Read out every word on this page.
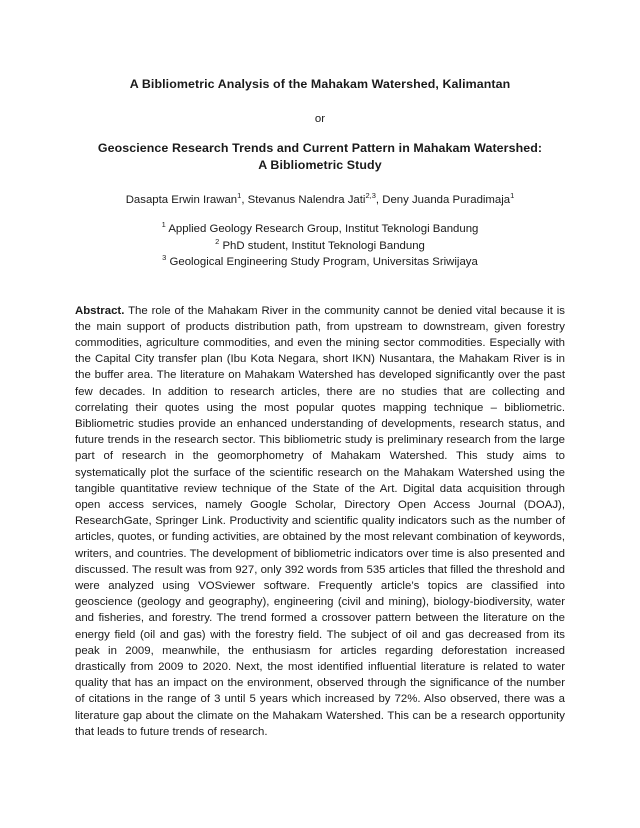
A Bibliometric Analysis of the Mahakam Watershed, Kalimantan
or
Geoscience Research Trends and Current Pattern in Mahakam Watershed:
A Bibliometric Study
Dasapta Erwin Irawan$^1$, Stevanus Nalendra Jati$^{2,3}$, Deny Juanda Puradimaja$^1$
$^1$ Applied Geology Research Group, Institut Teknologi Bandung
$^2$ PhD student, Institut Teknologi Bandung
$^3$ Geological Engineering Study Program, Universitas Sriwijaya

Abstract. The role of the Mahakam River in the community cannot be denied vital because it is the main support of products distribution path, from upstream to downstream, given forestry commodities, agriculture commodities, and even the mining sector commodities. Especially with the Capital City transfer plan (Ibu Kota Negara, short IKN) Nusantara, the Mahakam River is in the buffer area. The literature on Mahakam Watershed has developed significantly over the past few decades. In addition to research articles, there are no studies that are collecting and correlating their quotes using the most popular quotes mapping technique – bibliometric. Bibliometric studies provide an enhanced understanding of developments, research status, and future trends in the research sector. This bibliometric study is preliminary research from the large part of research in the geomorphometry of Mahakam Watershed. This study aims to systematically plot the surface of the scientific research on the Mahakam Watershed using the tangible quantitative review technique of the State of the Art. Digital data acquisition through open access services, namely Google Scholar, Directory Open Access Journal (DOAJ), ResearchGate, Springer Link. Productivity and scientific quality indicators such as the number of articles, quotes, or funding activities, are obtained by the most relevant combination of keywords, writers, and countries. The development of bibliometric indicators over time is also presented and discussed. The result was from 927, only 392 words from 535 articles that filled the threshold and were analyzed using VOSviewer software. Frequently article’s topics are classified into geoscience (geology and geography), engineering (civil and mining), biology-biodiversity, water and fisheries, and forestry. The trend formed a crossover pattern between the literature on the energy field (oil and gas) with the forestry field. The subject of oil and gas decreased from its peak in 2009, meanwhile, the enthusiasm for articles regarding deforestation increased drastically from 2009 to 2020. Next, the most identified influential literature is related to water quality that has an impact on the environment, observed through the significance of the number of citations in the range of 3 until 5 years which increased by 72%. Also observed, there was a literature gap about the climate on the Mahakam Watershed. This can be a research opportunity that leads to future trends of research.
